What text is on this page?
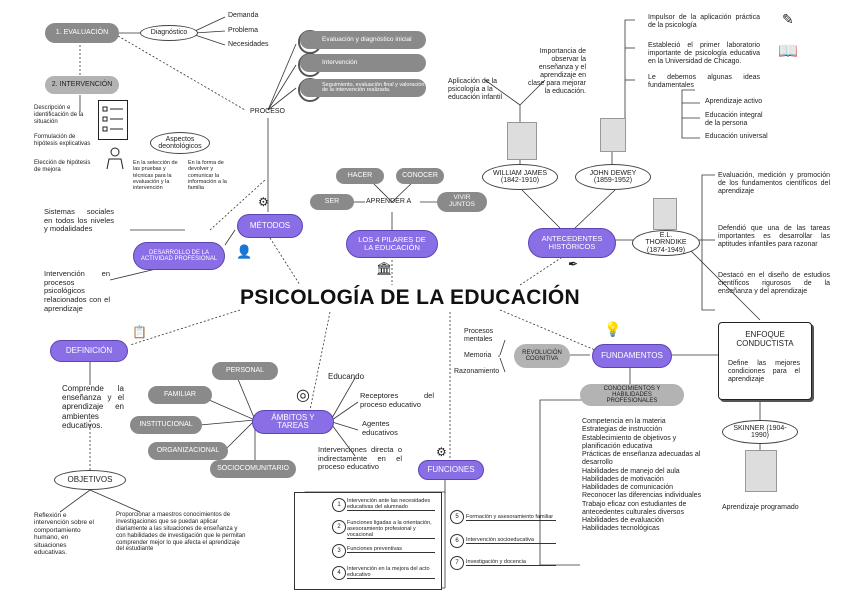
1. EVALUACIÓN	Diagnóstico
Demanda
Problema
Necesidades
2. INTERVENCIÓN
Descripción e identificación de la situación
Formulación de hipótesis explicativas
Elección de hipótesis de mejora
Aspectos deontológicos
En la selección de las pruebas y técnicas para la evaluación y la intervención
En la forma de devolver y comunicar la información a la familia
PROCESO
Evaluación y diagnóstico inicial
Intervención
Seguimiento, evaluación final y valoración de la intervención realizada.
⚙
MÉTODOS
DESARROLLO DE LA ACTIVIDAD PROFESIONAL	👤
Sistemas sociales en todos los niveles y modalidades
Intervención en procesos psicológicos relacionados con el aprendizaje
HACER	CONOCER
SER	APRENDER A
VIVIR JUNTOS
LOS 4 PILARES DE LA EDUCACIÓN
🏛
PSICOLOGÍA DE LA EDUCACIÓN
Aplicación de la psicología a la educación infantil
Importancia de observar la enseñanza y el aprendizaje en clase para mejorar la educación.
WILLIAM JAMES (1842-1910)
JOHN DEWEY (1859-1952)
Impulsor de la aplicación práctica de la psicología	✎
Estableció el primer laboratorio importante de psicología educativa en la Universidad de Chicago.
📖
Le debemos algunas ideas fundamentales
Aprendizaje activo
Educación integral de la persona
Educación universal
ANTECEDENTES HISTÓRICOS
✒
E.L. THORNDIKE (1874-1949)
Evaluación, medición y promoción de los fundamentos científicos del aprendizaje
Defendió que una de las tareas importantes es desarrollar las aptitudes infantiles para razonar
Destacó en el diseño de estudios científicos rigurosos de la enseñanza y del aprendizaje
ENFOQUE CONDUCTISTA
Define las mejores condiciones para el aprendizaje
SKINNER (1904-1990)
Aprendizaje programado
📋
DEFINICIÓN
Comprende la enseñanza y el aprendizaje en ambientes educativos.
OBJETIVOS
Reflexión e intervención sobre el comportamiento humano, en situaciones educativas.
Proporcionar a maestros conocimientos de investigaciones que se puedan aplicar diariamente a las situaciones de enseñanza y con habilidades de investigación que le permitan comprender mejor lo que afecta el aprendizaje del estudiante
PERSONAL
FAMILIAR
INSTITUCIONAL
ORGANIZACIONAL
SOCIOCOMUNITARIO
◎
ÁMBITOS Y TAREAS
Educando
Receptores del proceso educativo
Agentes educativos
Intervenciones directa o indirectamente en el proceso educativo
⚙
FUNCIONES
1
Intervención ante las necesidades educativas del alumnado
2
Funciones ligadas a la orientación, asesoramiento profesional y vocacional
3	Funciones preventivas
4
Intervención en la mejora del acto educativo
5	Formación y asesoramiento familiar
6	Intervención socioeducativa
7	Investigación y docencia
💡
FUNDAMENTOS
REVOLUCIÓN COGNITIVA
Procesos mentales
Memoria
Razonamiento
CONOCIMIENTOS Y HABILIDADES PROFESIONALES
Competencia en la materia
Estrategias de instrucción
Establecimiento de objetivos y planificación educativa
Prácticas de enseñanza adecuadas al desarrollo
Habilidades de manejo del aula
Habilidades de motivación
Habilidades de comunicación
Reconocer las diferencias individuales
Trabajo eficaz con estudiantes de antecedentes culturales diversos
Habilidades de evaluación
Habilidades tecnológicas
